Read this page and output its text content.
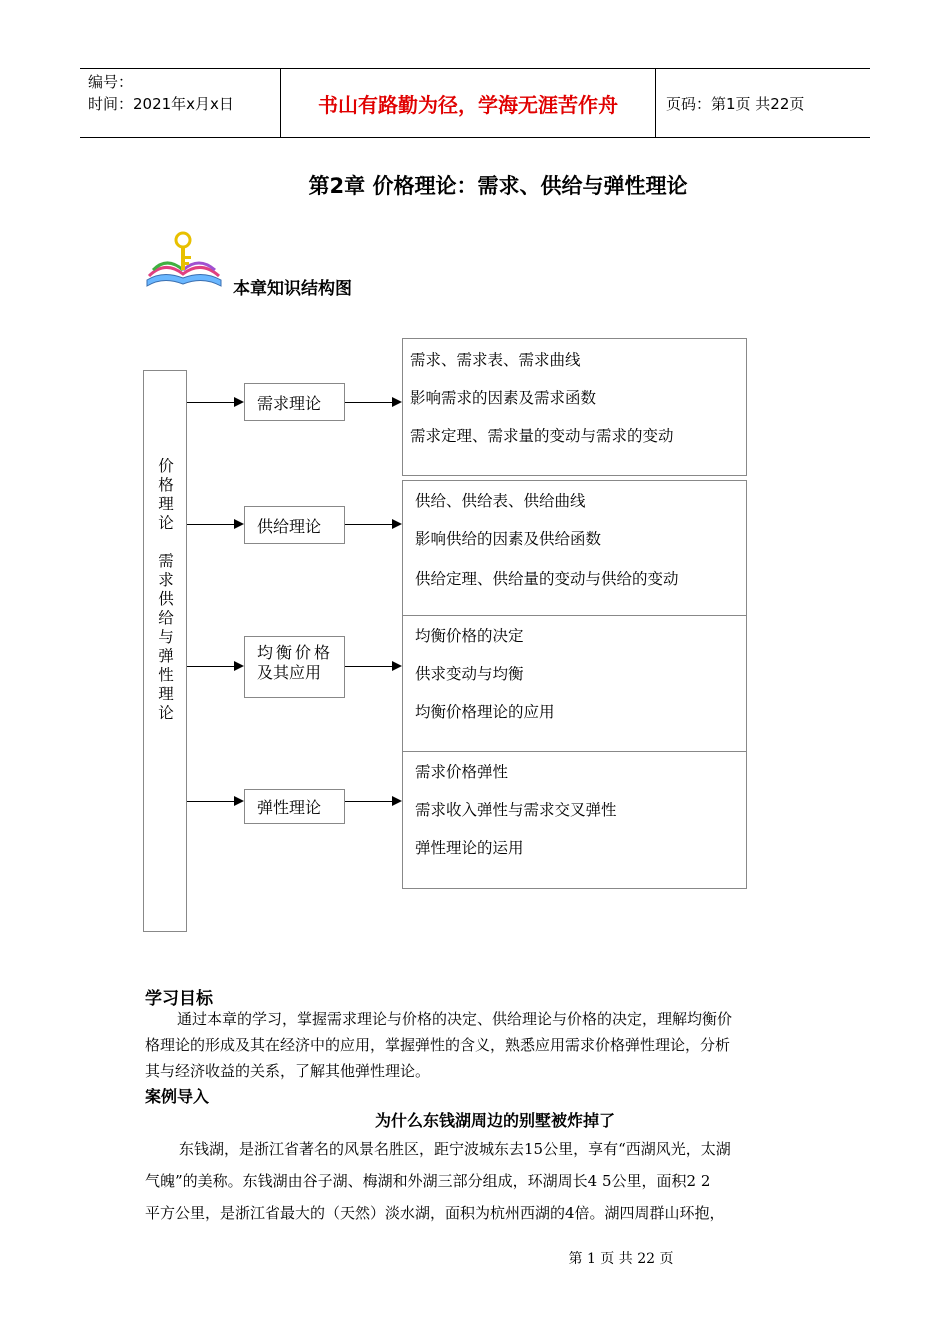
编号：
时间：2021年x月x日	书山有路勤为径，学海无涯苦作舟	页码：第1页 共22页
第2章 价格理论：需求、供给与弹性理论
本章知识结构图
价
格
理
论
需
求
供
给
与
弹
性
理
论
需求理论
需求、需求表、需求曲线
影响需求的因素及需求函数
需求定理、需求量的变动与需求的变动
供给理论
供给、供给表、供给曲线
影响供给的因素及供给函数
供给定理、供给量的变动与供给的变动
均衡价格
及其应用
均衡价格的决定
供求变动与均衡
均衡价格理论的应用
弹性理论
需求价格弹性
需求收入弹性与需求交叉弹性
弹性理论的运用
学习目标
通过本章的学习，掌握需求理论与价格的决定、供给理论与价格的决定，理解均衡价
格理论的形成及其在经济中的应用，掌握弹性的含义，熟悉应用需求价格弹性理论，分析
其与经济收益的关系，了解其他弹性理论。
案例导入
为什么东钱湖周边的别墅被炸掉了
东钱湖，是浙江省著名的风景名胜区，距宁波城东去15公里，享有“西湖风光，太湖
气魄”的美称。东钱湖由谷子湖、梅湖和外湖三部分组成，环湖周长4 5公里，面积2 2
平方公里，是浙江省最大的（天然）淡水湖，面积为杭州西湖的4倍。湖四周群山环抱，
第 1 页 共 22 页
